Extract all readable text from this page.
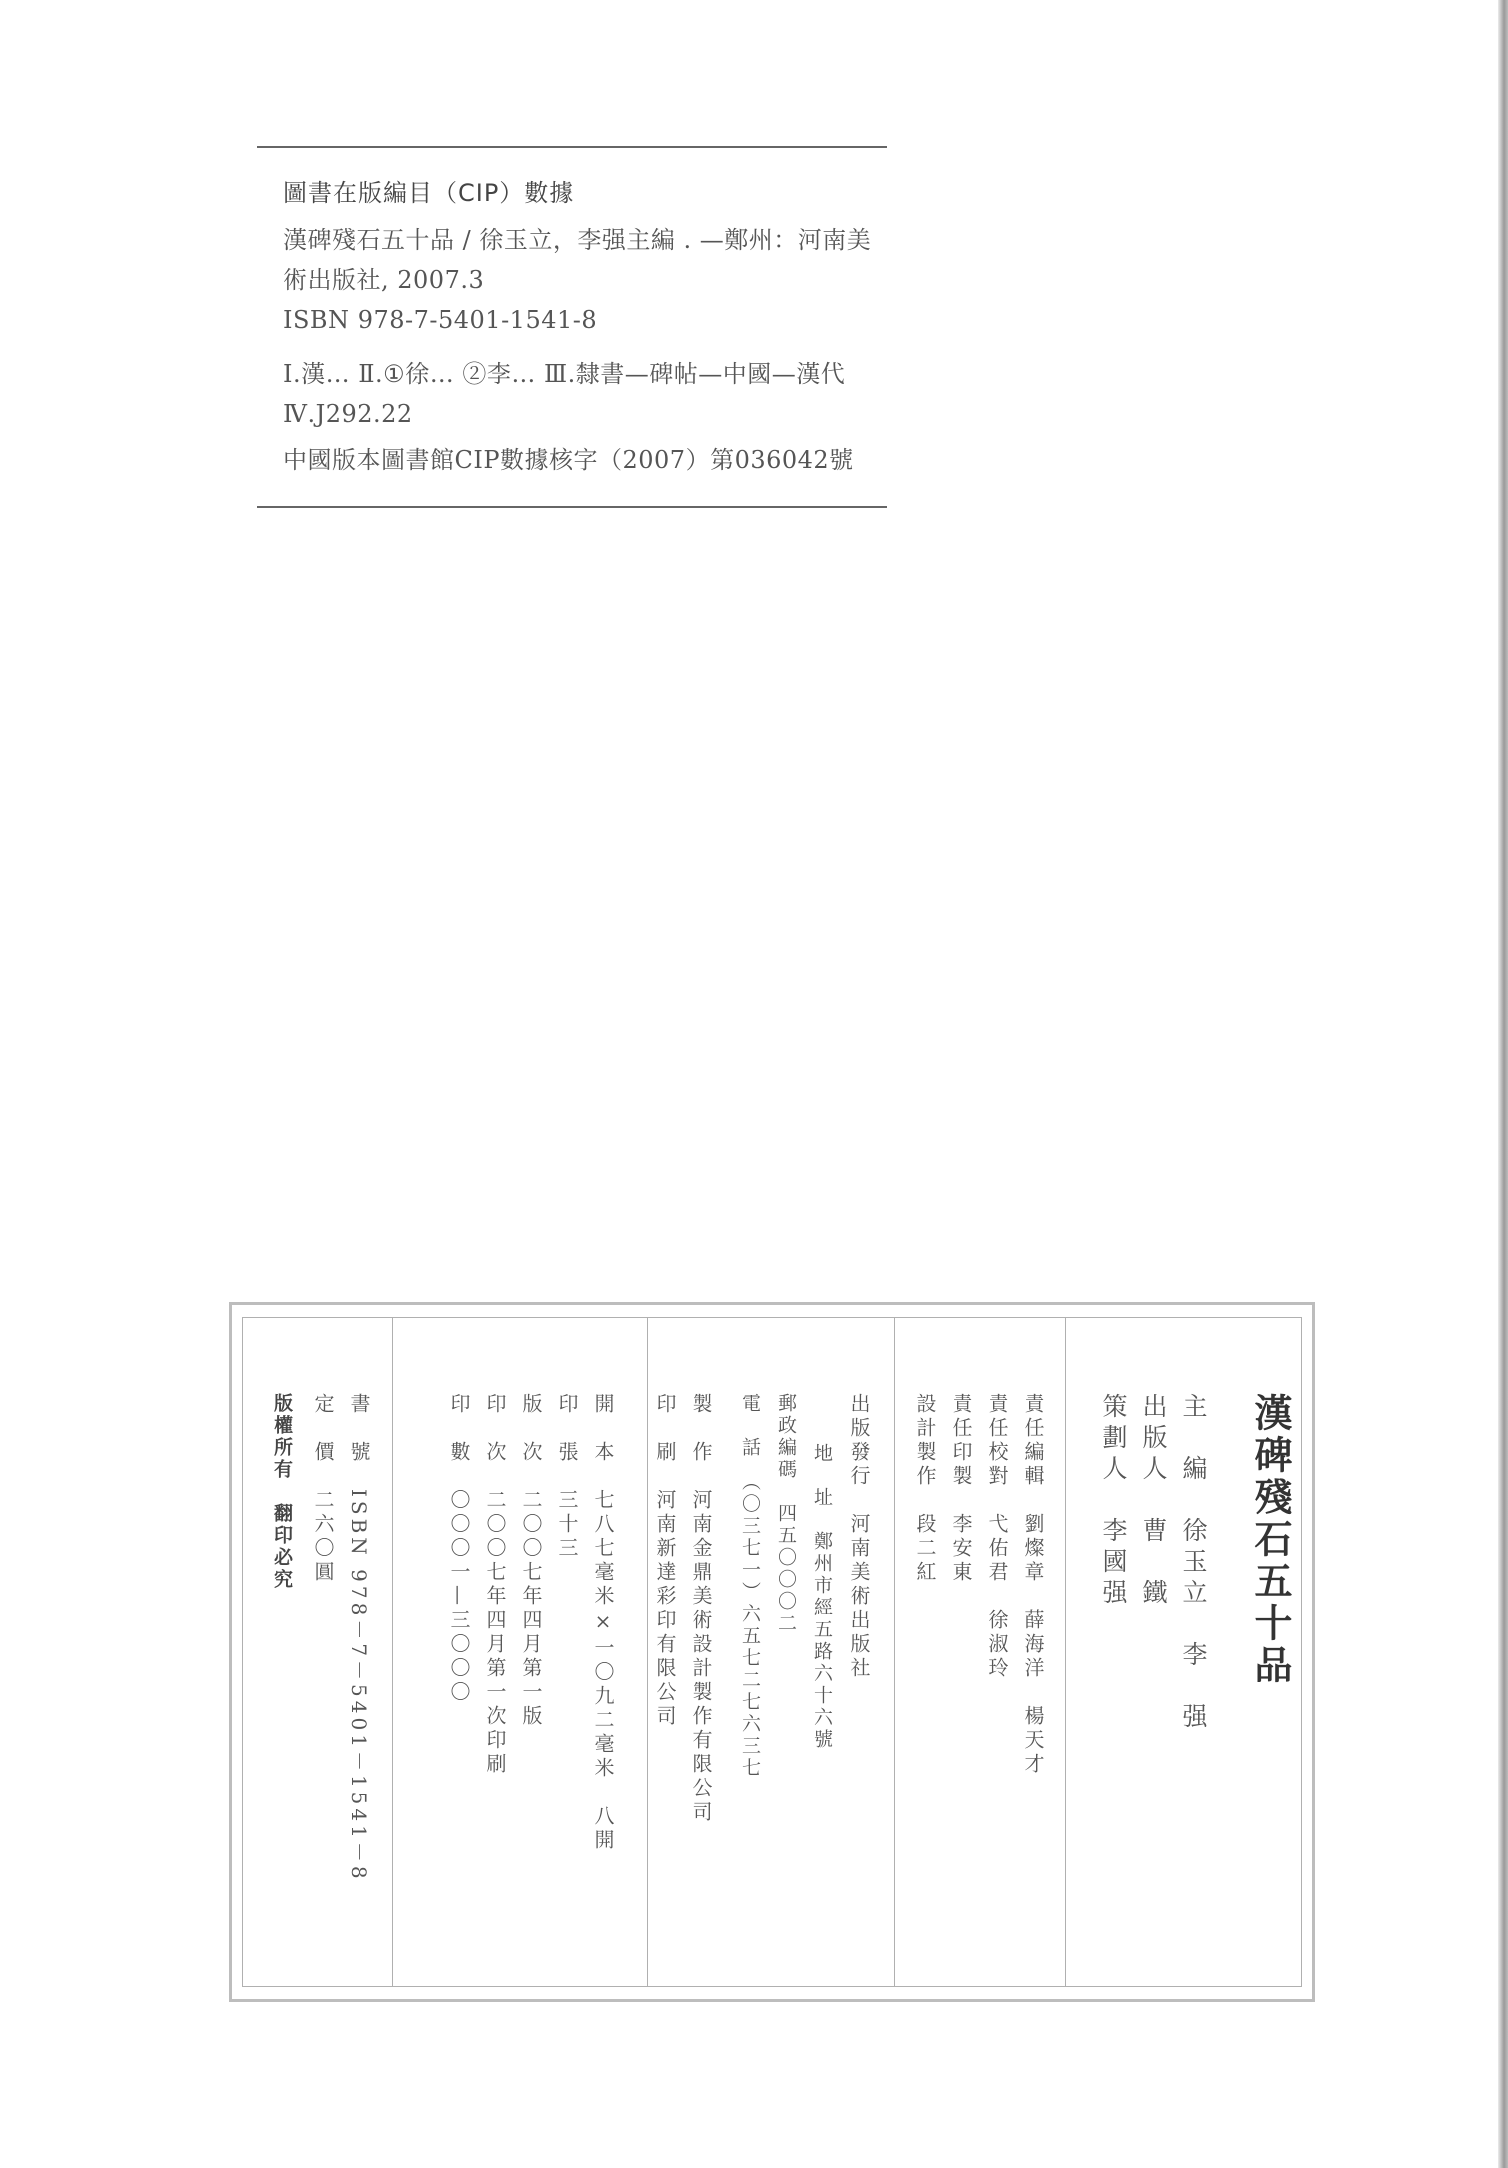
圖書在版編目（CIP）數據
漢碑殘石五十品 / 徐玉立，李强主編 . —鄭州：河南美
術出版社, 2007.3
ISBN 978-7-5401-1541-8
Ⅰ.漢… Ⅱ.①徐… ②李… Ⅲ.隸書—碑帖—中國—漢代
Ⅳ.J292.22
中國版本圖書館CIP數據核字（2007）第036042號
漢碑殘石五十品
主　編　徐玉立　李　强
出版人　曹　鐵
策劃人　李國强
責任編輯　劉燦章　薛海洋　楊天才
責任校對　弋佑君　徐淑玲
責任印製　李安東
設計製作　段二紅
出版發行　河南美術出版社
地　址　鄭州市經五路六十六號
郵政編碼　四五〇〇〇二
電　話　（〇三七一）六五七二七六三七
製　作　河南金鼎美術設計製作有限公司
印　刷　河南新達彩印有限公司
開　本　七八七毫米×一〇九二毫米　八開
印　張　三十三
版　次　二〇〇七年四月第一版
印　次　二〇〇七年四月第一次印刷
印　數　〇〇〇一—三〇〇〇
書　號　ISBN 978－7－5401－1541－8
定　價　二六〇圓
版權所有　翻印必究
